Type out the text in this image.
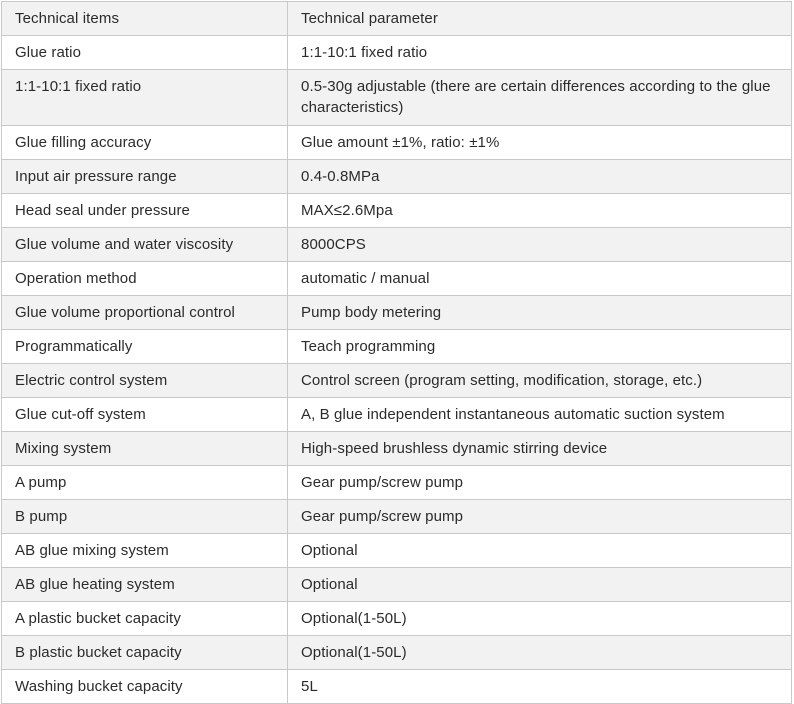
Technical items	Technical parameter
Glue ratio	1:1-10:1 fixed ratio
1:1-10:1 fixed ratio	0.5-30g adjustable (there are certain differences according to the glue characteristics)
Glue filling accuracy	Glue amount ±1%, ratio: ±1%
Input air pressure range	0.4-0.8MPa
Head seal under pressure	MAX≤2.6Mpa
Glue volume and water viscosity	8000CPS
Operation method	automatic / manual
Glue volume proportional control	Pump body metering
Programmatically	Teach programming
Electric control system	Control screen (program setting, modification, storage, etc.)
Glue cut-off system	A, B glue independent instantaneous automatic suction system
Mixing system	High-speed brushless dynamic stirring device
A pump	Gear pump/screw pump
B pump	Gear pump/screw pump
AB glue mixing system	Optional
AB glue heating system	Optional
A plastic bucket capacity	Optional(1-50L)
B plastic bucket capacity	Optional(1-50L)
Washing bucket capacity	5L
